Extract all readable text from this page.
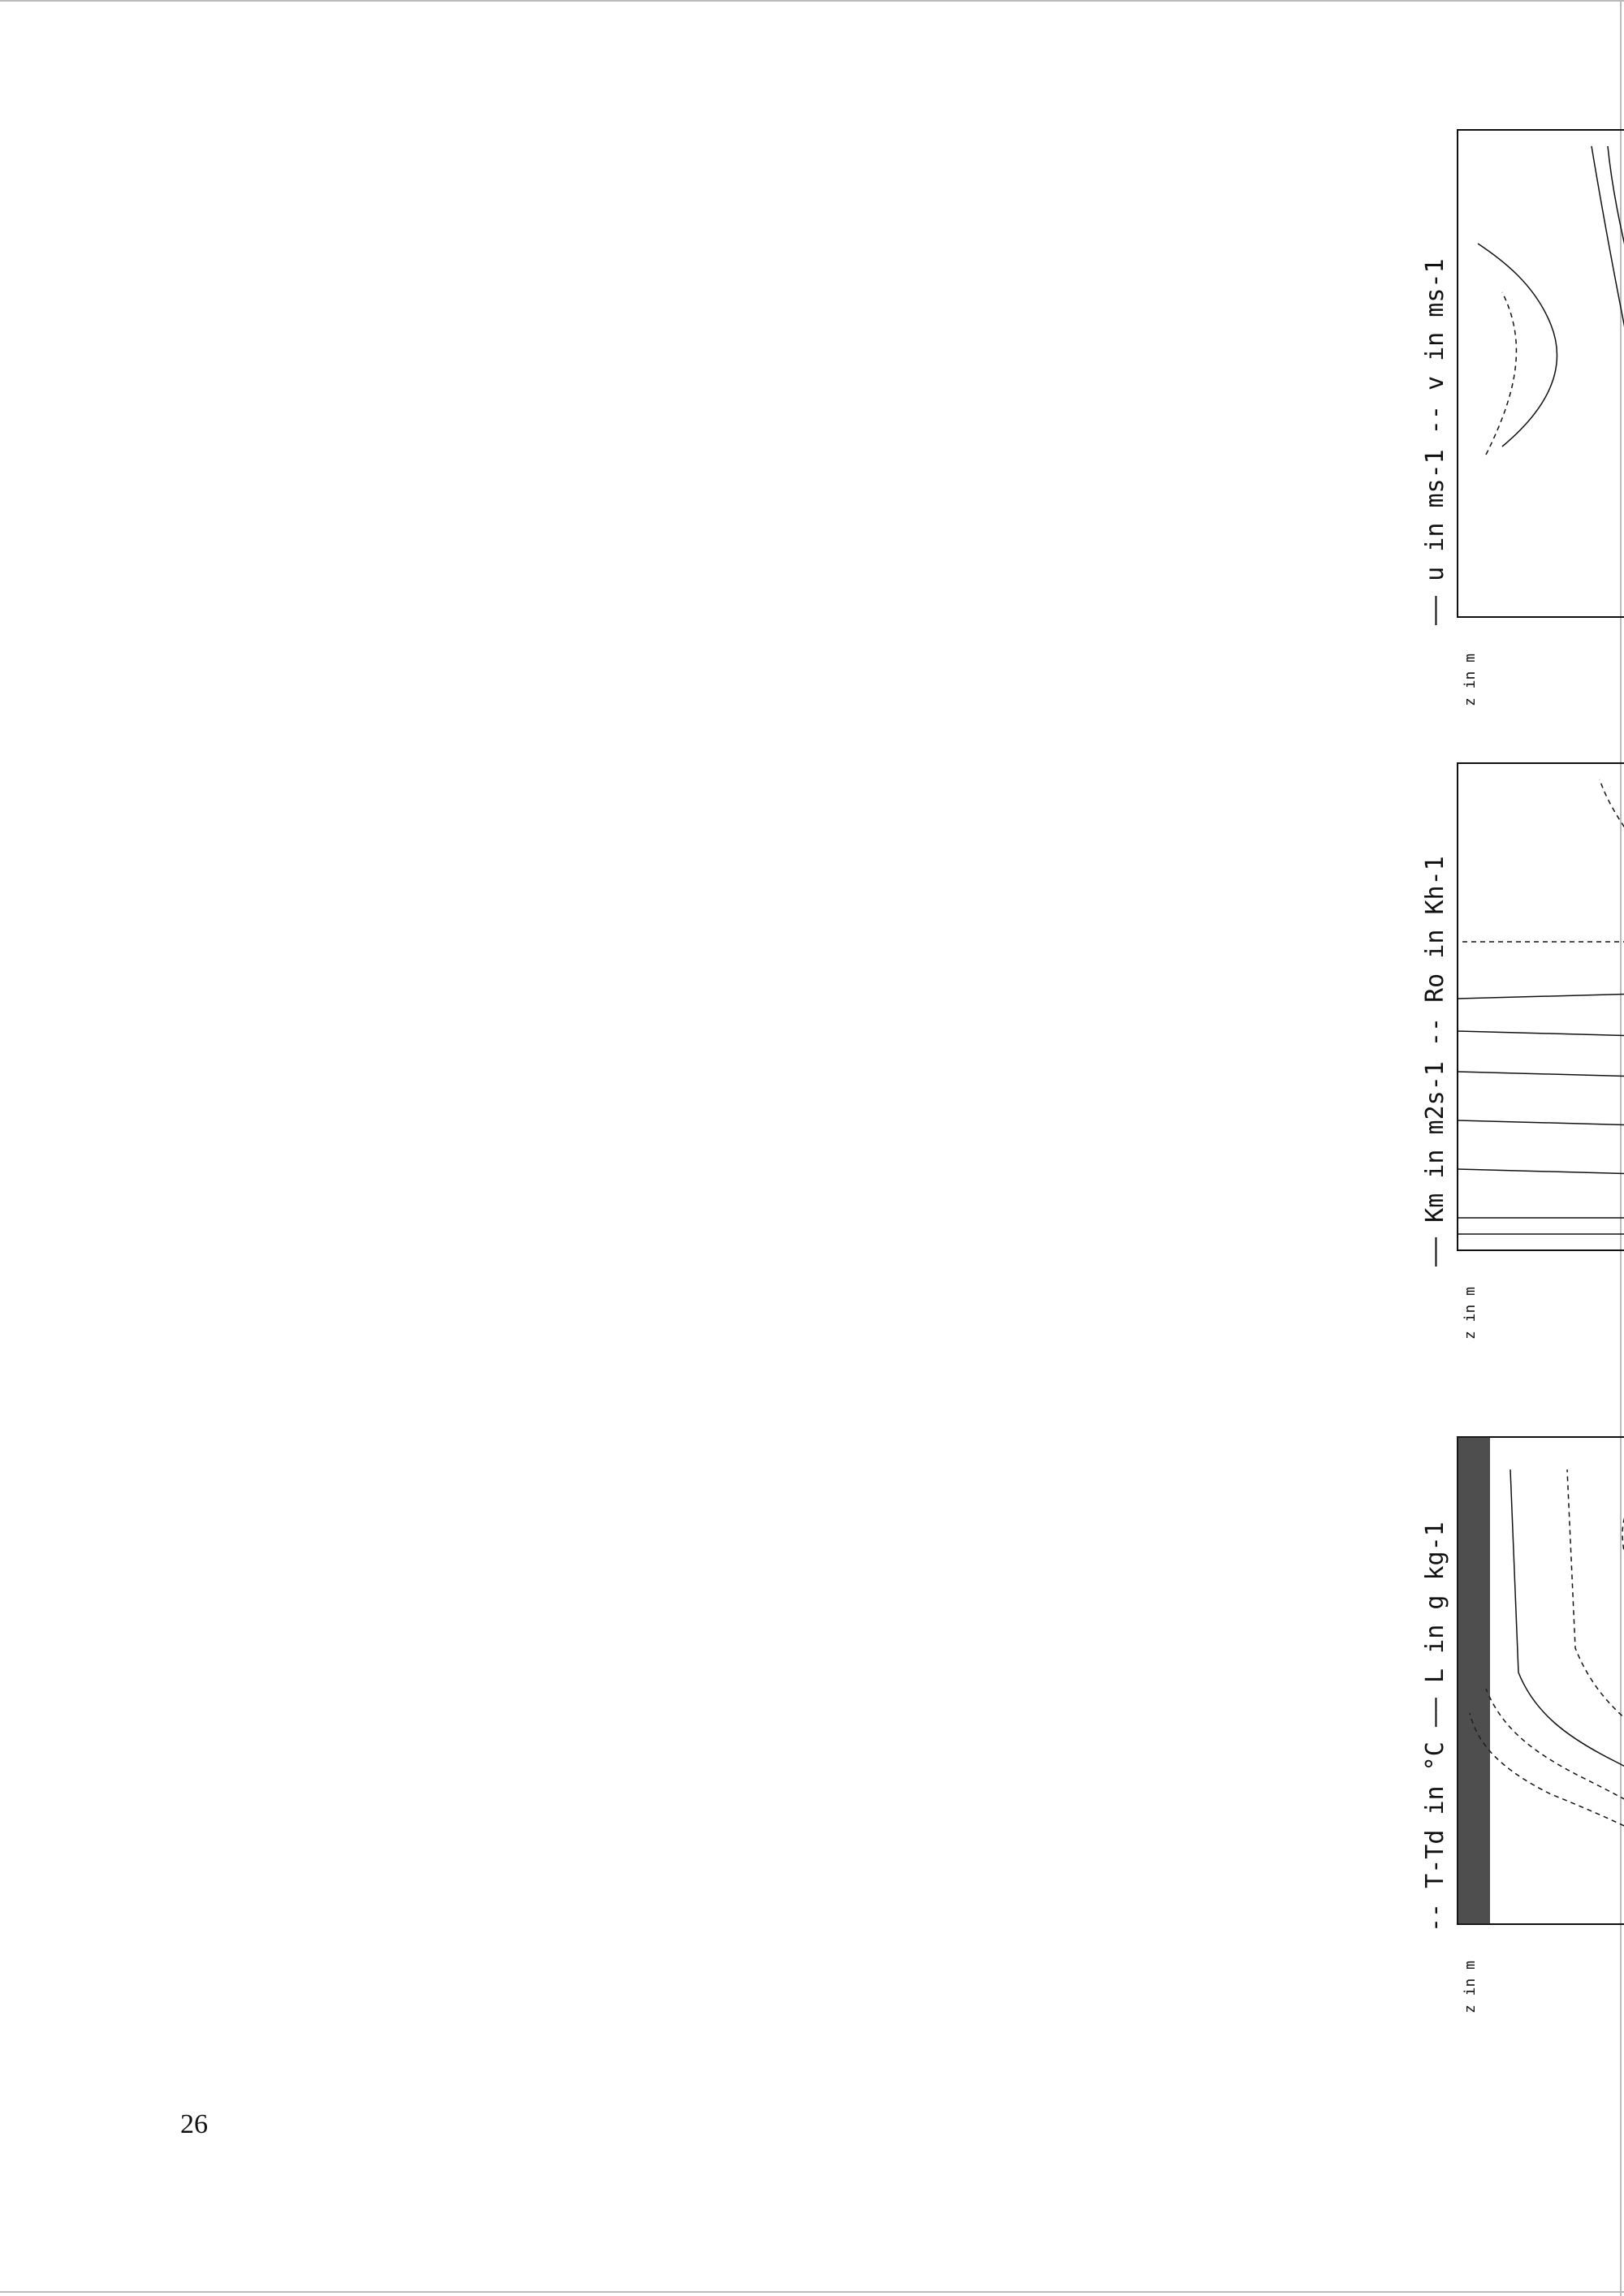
26
-- T-Td in °C —— L in g kg-1
—— Km in m2s-1 -- Ro in Kh-1
—— u in ms-1 -- v in ms-1
z in m
z in m
z in m
